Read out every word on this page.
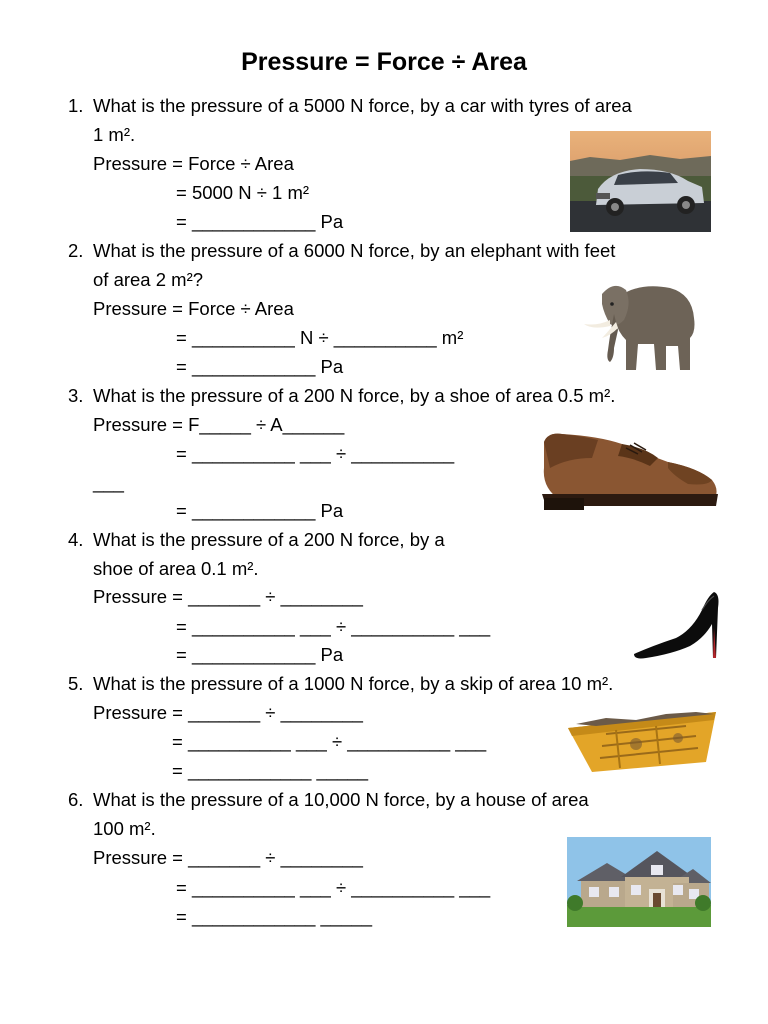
Pressure = Force ÷ Area
1. What is the pressure of a 5000 N force, by a car with tyres of area
1 m².
Pressure = Force ÷ Area
= 5000 N ÷ 1 m²
= ____________ Pa
2. What is the pressure of a 6000 N force, by an elephant with feet
of area 2 m²?
Pressure = Force ÷ Area
= __________ N ÷ __________ m²
= ____________ Pa
3. What is the pressure of a 200 N force, by a shoe of area 0.5 m².
Pressure = F_____ ÷ A______
= __________ ___ ÷ __________
___
= ____________ Pa
4. What is the pressure of a 200 N force, by a
shoe of area 0.1 m².
Pressure = _______ ÷ ________
= __________ ___ ÷ __________ ___
= ____________ Pa
5. What is the pressure of a 1000 N force, by a skip of area 10 m².
Pressure = _______ ÷ ________
= __________ ___ ÷ __________ ___
= ____________ _____
6. What is the pressure of a 10,000 N force, by a house of area
100 m².
Pressure = _______ ÷ ________
= __________ ___ ÷ __________ ___
= ____________ _____
